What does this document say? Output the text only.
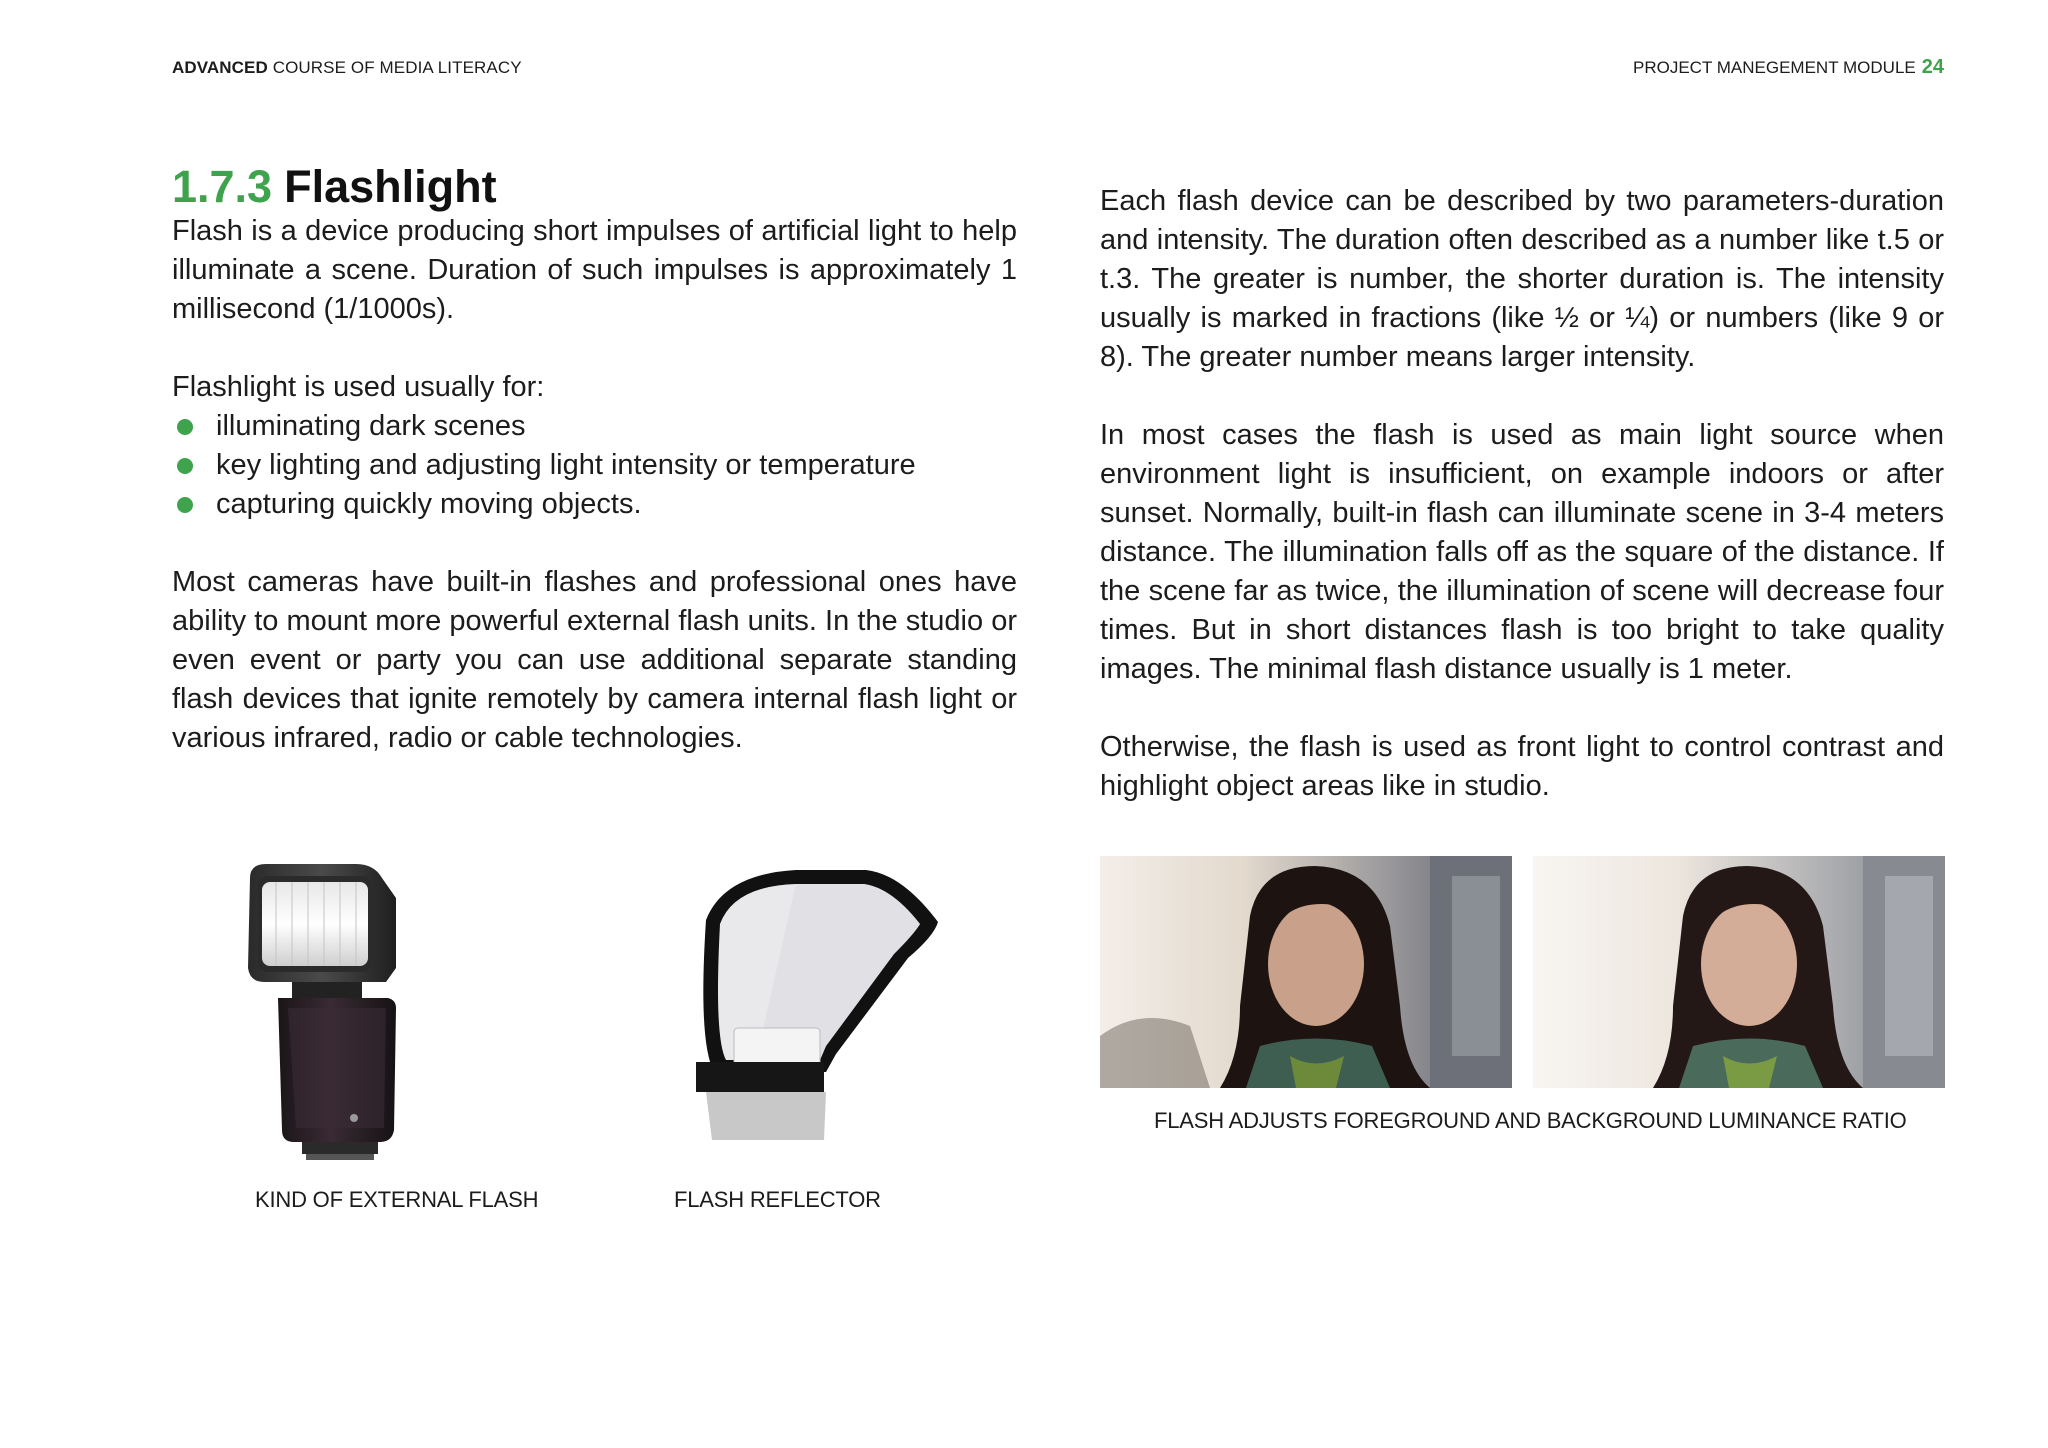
ADVANCED COURSE OF MEDIA LITERACY	PROJECT MANEGEMENT MODULE 24
1.7.3 Flashlight

Flash is a device producing short impulses of artificial light to help illuminate a scene. Duration of such impulses is approximately 1 millisecond (1/1000s).

Flashlight is used usually for:

illuminating dark scenes
key lighting and adjusting light intensity or temperature
capturing quickly moving objects.

Most cameras have built-in flashes and professional ones have ability to mount more powerful external flash units. In the studio or even event or party you can use additional separate standing flash devices that ignite remotely by camera internal flash light or various infrared, radio or cable technologies.

Each flash device can be described by two parameters-duration and intensity. The duration often described as a number like t.5 or t.3. The greater is number, the shorter duration is. The intensity usually is marked in fractions (like ½ or ¼) or numbers (like 9 or 8). The greater number means larger intensity.

In most cases the flash is used as main light source when environment light is insufficient, on example indoors or after sunset. Normally, built-in flash can illuminate scene in 3-4 meters distance. The illumination falls off as the square of the distance. If the scene far as twice, the illumination of scene will decrease four times. But in short distances flash is too bright to take quality images. The minimal flash distance usually is 1 meter.

Otherwise, the flash is used as front light to control contrast and highlight object areas like in studio.

KIND OF EXTERNAL FLASH	FLASH REFLECTOR
FLASH ADJUSTS FOREGROUND AND BACKGROUND LUMINANCE RATIO
